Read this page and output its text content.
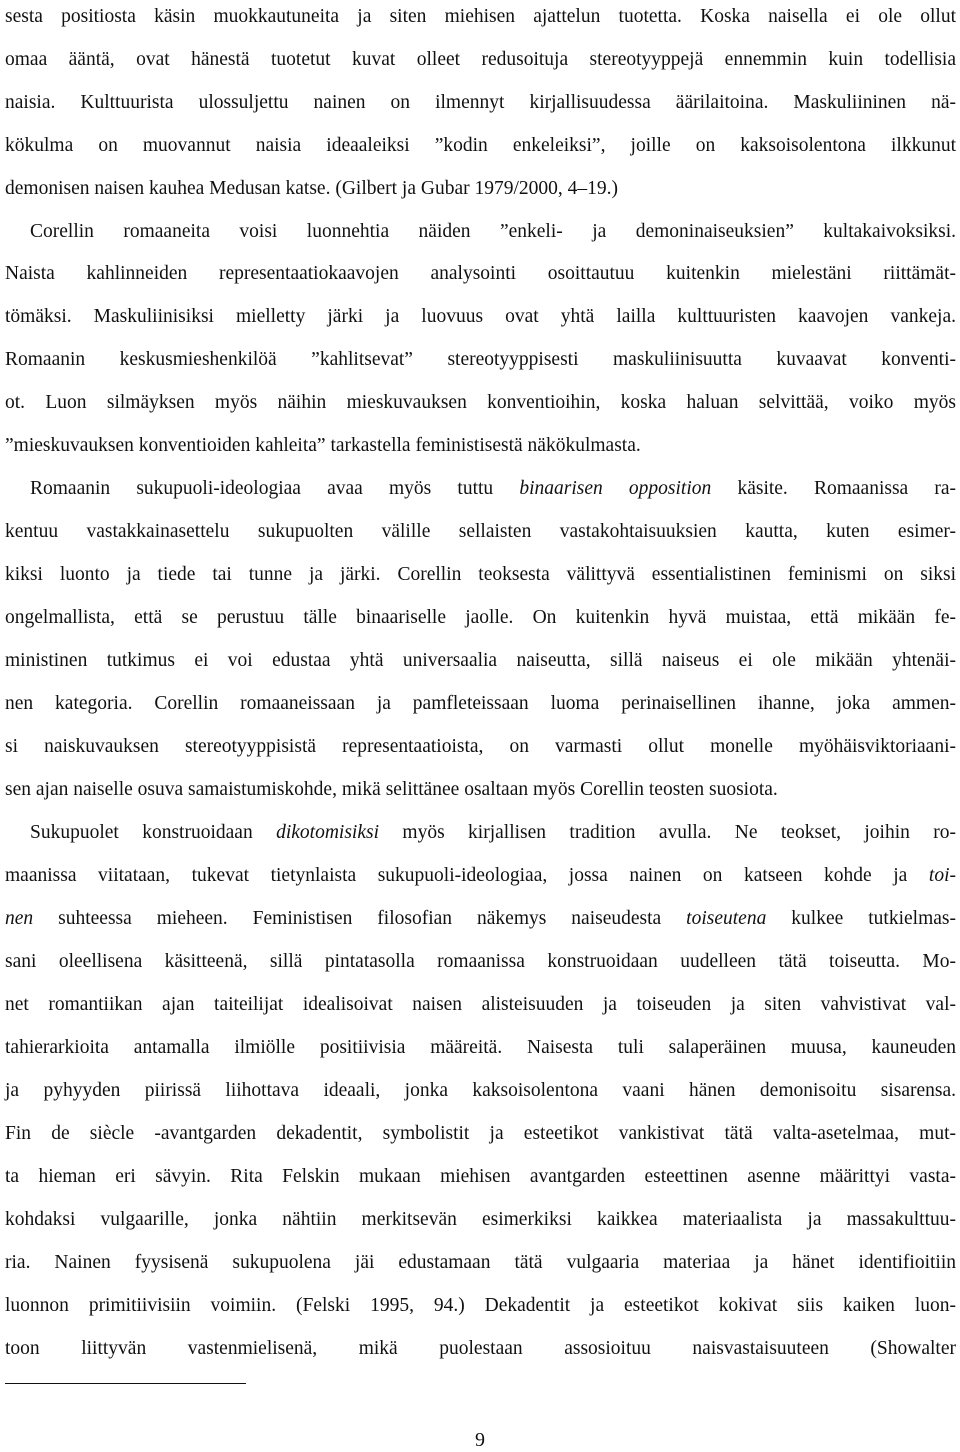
sesta positiosta käsin muokkautuneita ja siten miehisen ajattelun tuotetta. Koska naisella ei ole ollut
omaa ääntä, ovat hänestä tuotetut kuvat olleet redusoituja stereotyyppejä ennemmin kuin todellisia
naisia. Kulttuurista ulossuljettu nainen on ilmennyt kirjallisuudessa äärilaitoina. Maskuliininen nä-
kökulma on muovannut naisia ideaaleiksi ”kodin enkeleiksi”, joille on kaksoisolentona ilkkunut
demonisen naisen kauhea Medusan katse. (Gilbert ja Gubar 1979/2000, 4–19.)
Corellin romaaneita voisi luonnehtia näiden ”enkeli- ja demoninaiseuksien” kultakaivoksiksi.
Naista kahlinneiden representaatiokaavojen analysointi osoittautuu kuitenkin mielestäni riittämät-
tömäksi. Maskuliinisiksi mielletty järki ja luovuus ovat yhtä lailla kulttuuristen kaavojen vankeja.
Romaanin keskusmieshenkilöä ”kahlitsevat” stereotyyppisesti maskuliinisuutta kuvaavat konventi-
ot. Luon silmäyksen myös näihin mieskuvauksen konventioihin, koska haluan selvittää, voiko myös
”mieskuvauksen konventioiden kahleita” tarkastella feministisestä näkökulmasta.
Romaanin sukupuoli-ideologiaa avaa myös tuttu binaarisen opposition käsite. Romaanissa ra-
kentuu vastakkainasettelu sukupuolten välille sellaisten vastakohtaisuuksien kautta, kuten esimer-
kiksi luonto ja tiede tai tunne ja järki. Corellin teoksesta välittyvä essentialistinen feminismi on siksi
ongelmallista, että se perustuu tälle binaariselle jaolle. On kuitenkin hyvä muistaa, että mikään fe-
ministinen tutkimus ei voi edustaa yhtä universaalia naiseutta, sillä naiseus ei ole mikään yhtenäi-
nen kategoria. Corellin romaaneissaan ja pamfleteissaan luoma perinaisellinen ihanne, joka ammen-
si naiskuvauksen stereotyyppisistä representaatioista, on varmasti ollut monelle myöhäisviktoriaani-
sen ajan naiselle osuva samaistumiskohde, mikä selittänee osaltaan myös Corellin teosten suosiota.
Sukupuolet konstruoidaan dikotomisiksi myös kirjallisen tradition avulla. Ne teokset, joihin ro-
maanissa viitataan, tukevat tietynlaista sukupuoli-ideologiaa, jossa nainen on katseen kohde ja toi-
nen suhteessa mieheen. Feministisen filosofian näkemys naiseudesta toiseutena kulkee tutkielmas-
sani oleellisena käsitteenä, sillä pintatasolla romaanissa konstruoidaan uudelleen tätä toiseutta. Mo-
net romantiikan ajan taiteilijat idealisoivat naisen alisteisuuden ja toiseuden ja siten vahvistivat val-
tahierarkioita antamalla ilmiölle positiivisia määreitä. Naisesta tuli salaperäinen muusa, kauneuden
ja pyhyyden piirissä liihottava ideaali, jonka kaksoisolentona vaani hänen demonisoitu sisarensa.
Fin de siècle -avantgarden dekadentit, symbolistit ja esteetikot vankistivat tätä valta-asetelmaa, mut-
ta hieman eri sävyin. Rita Felskin mukaan miehisen avantgarden esteettinen asenne määrittyi vasta-
kohdaksi vulgaarille, jonka nähtiin merkitsevän esimerkiksi kaikkea materiaalista ja massakulttuu-
ria. Nainen fyysisenä sukupuolena jäi edustamaan tätä vulgaaria materiaa ja hänet identifioitiin
luonnon primitiivisiin voimiin. (Felski 1995, 94.) Dekadentit ja esteetikot kokivat siis kaiken luon-
toon liittyvän vastenmielisenä, mikä puolestaan assosioituu naisvastaisuuteen (Showalter
9
